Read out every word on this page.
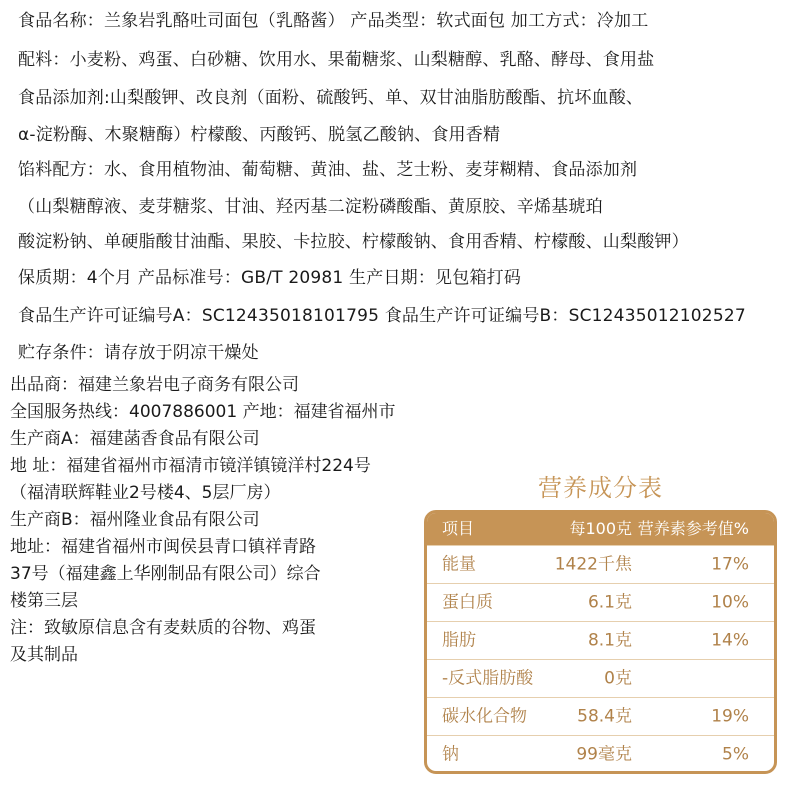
食品名称：兰象岩乳酪吐司面包（乳酪酱） 产品类型：软式面包 加工方式：冷加工
配料：小麦粉、鸡蛋、白砂糖、饮用水、果葡糖浆、山梨糖醇、乳酪、酵母、食用盐
食品添加剂:山梨酸钾、改良剂（面粉、硫酸钙、单、双甘油脂肪酸酯、抗坏血酸、
α-淀粉酶、木聚糖酶）柠檬酸、丙酸钙、脱氢乙酸钠、食用香精
馅料配方：水、食用植物油、葡萄糖、黄油、盐、芝士粉、麦芽糊精、食品添加剂
（山梨糖醇液、麦芽糖浆、甘油、羟丙基二淀粉磷酸酯、黄原胶、辛烯基琥珀
酸淀粉钠、单硬脂酸甘油酯、果胶、卡拉胶、柠檬酸钠、食用香精、柠檬酸、山梨酸钾）
保质期：4个月 产品标准号：GB/T 20981 生产日期：见包箱打码
食品生产许可证编号A：SC12435018101795 食品生产许可证编号B：SC12435012102527
贮存条件：请存放于阴凉干燥处
出品商：福建兰象岩电子商务有限公司
全国服务热线：4007886001 产地：福建省福州市
生产商A：福建菡香食品有限公司
地 址：福建省福州市福清市镜洋镇镜洋村224号
（福清联辉鞋业2号楼4、5层厂房）
生产商B：福州隆业食品有限公司
地址：福建省福州市闽侯县青口镇祥青路
37号（福建鑫上华刚制品有限公司）综合
楼第三层
注：致敏原信息含有麦麸质的谷物、鸡蛋
及其制品
营养成分表
项目	每100克 营养素参考值%
能量	1422千焦	17%
蛋白质	6.1克	10%
脂肪	8.1克	14%
-反式脂肪酸	0克
碳水化合物	58.4克	19%
钠	99毫克	5%
